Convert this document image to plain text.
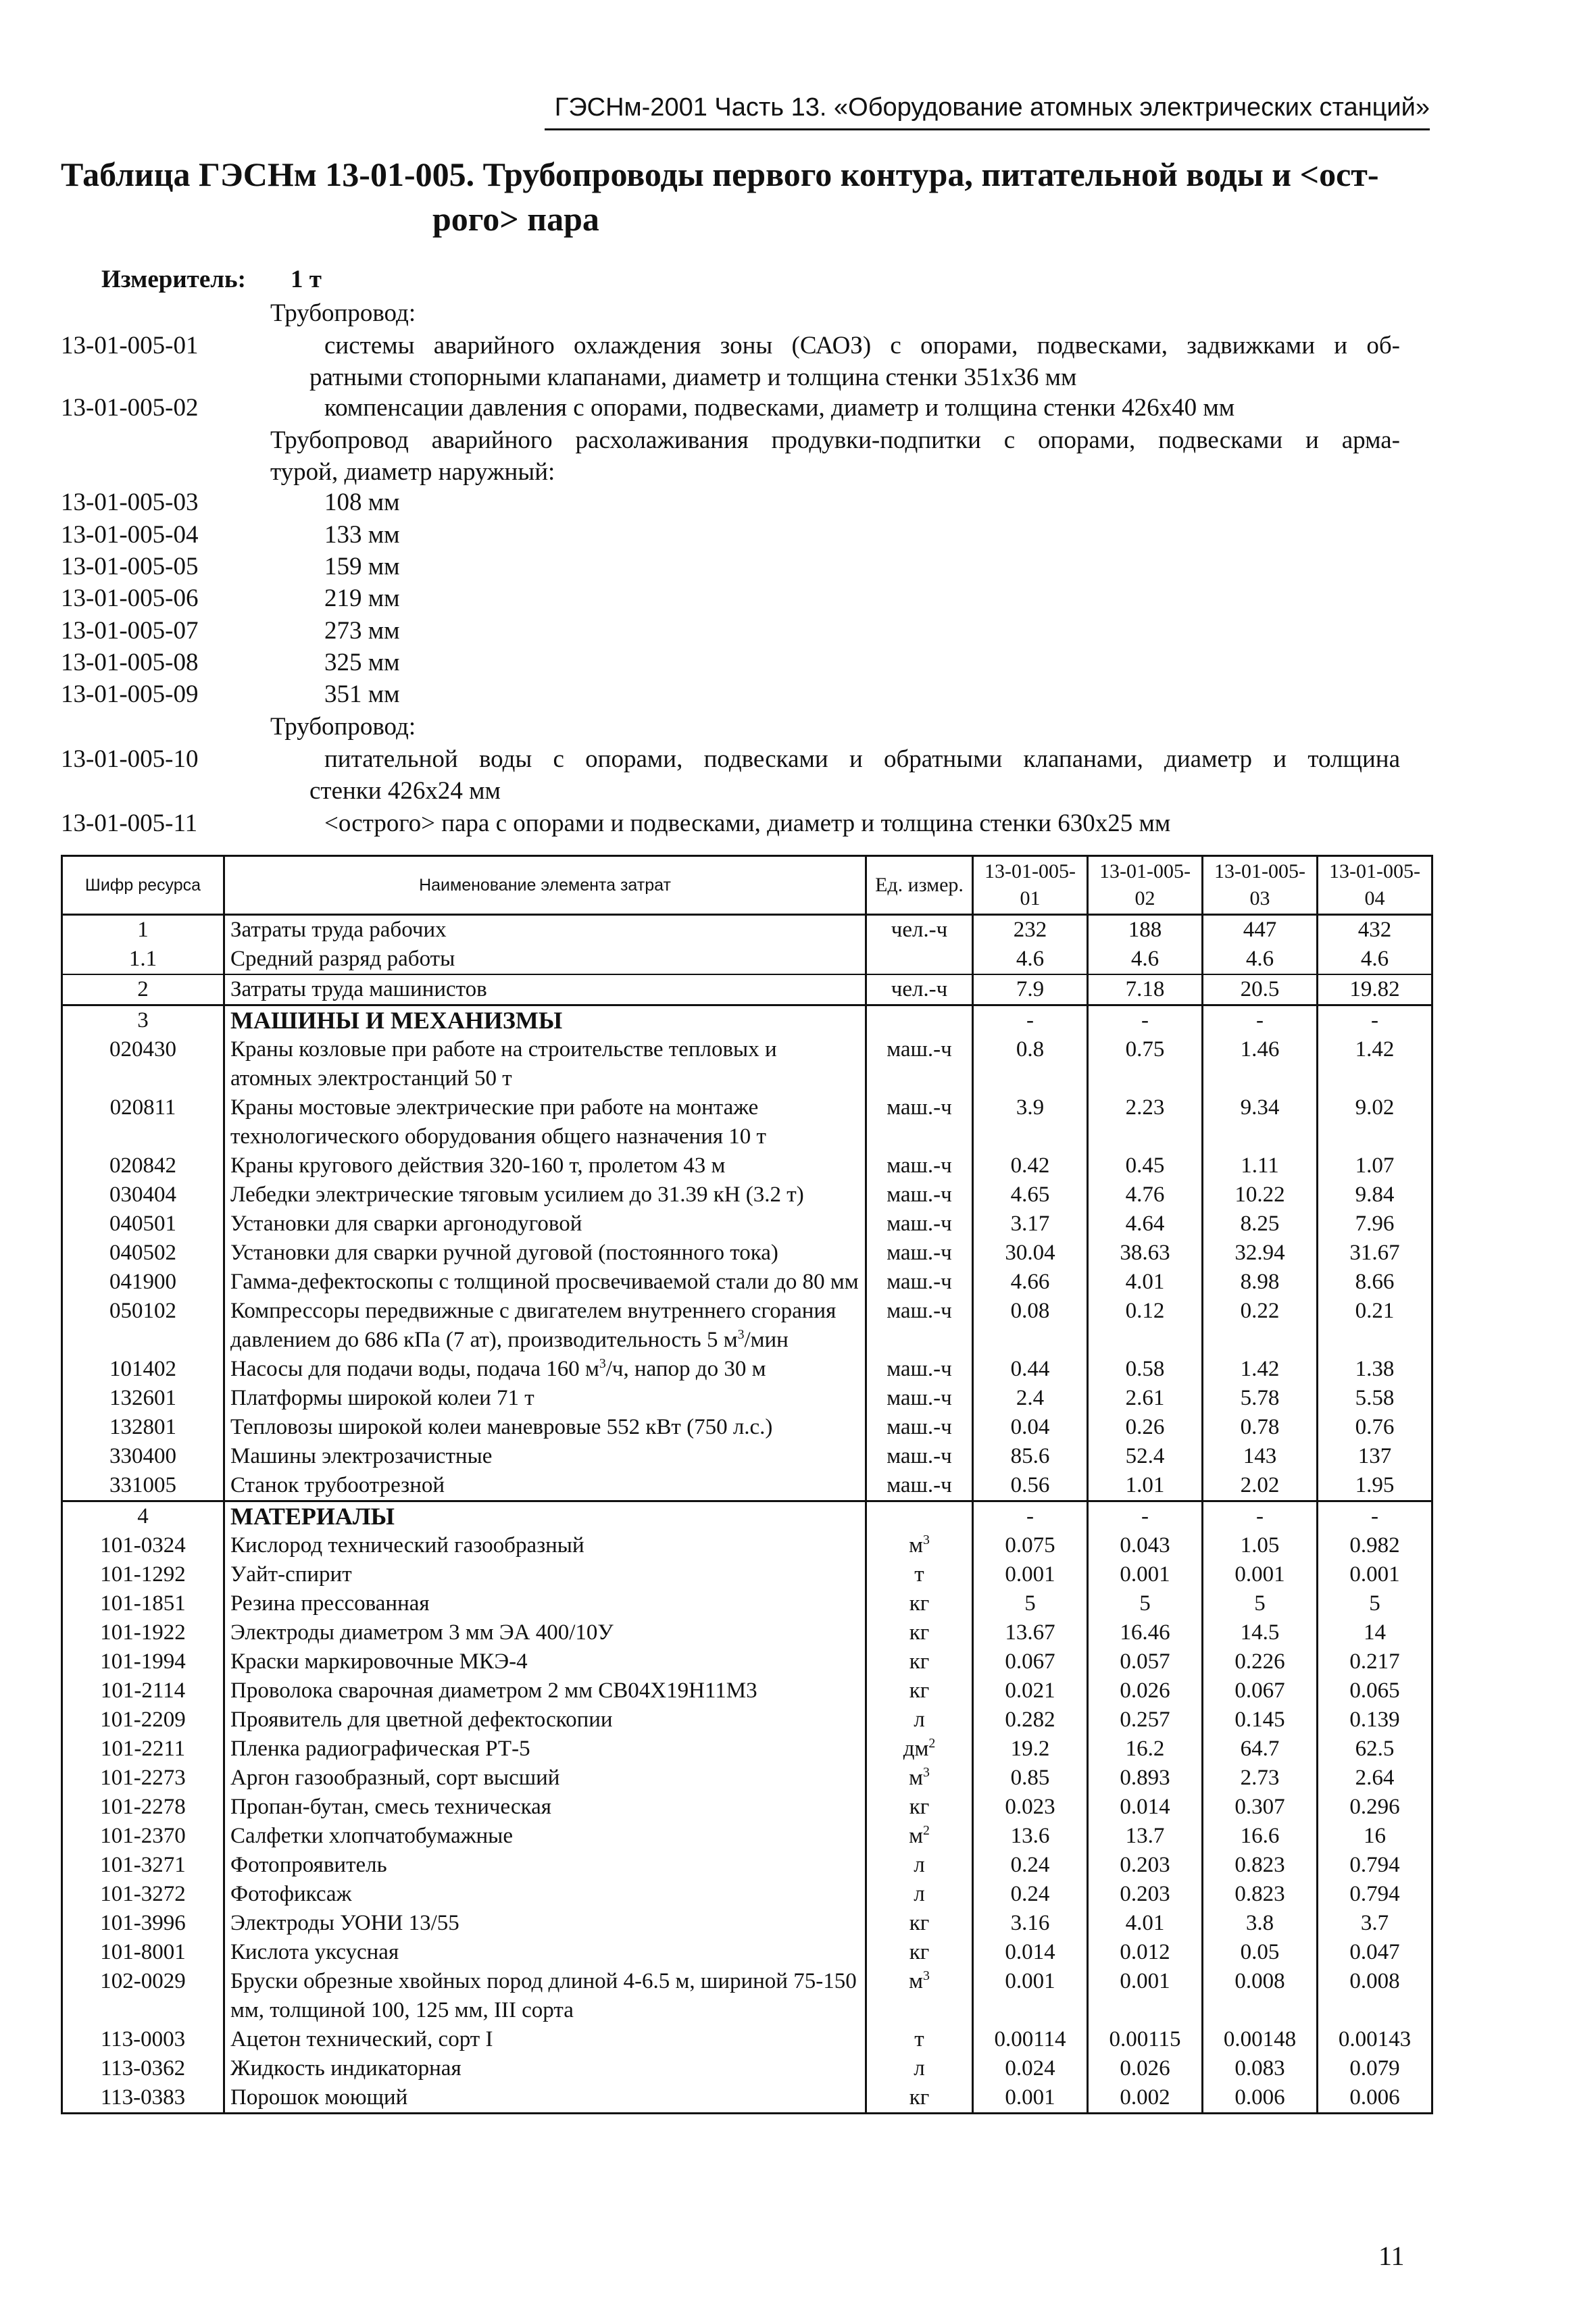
ГЭСНм-2001 Часть 13. «Оборудование атомных электрических станций»
Таблица ГЭСНм 13-01-005. Трубопроводы первого контура, питательной воды и <ост-
рого> пара
Измеритель: 1 т
Трубопровод:
13-01-005-01	системы аварийного охлаждения зоны (САОЗ) с опорами, подвесками, задвижками и об-
ратными стопорными клапанами, диаметр и толщина стенки 351х36 мм
13-01-005-02	компенсации давления с опорами, подвесками, диаметр и толщина стенки 426х40 мм
Трубопровод аварийного расхолаживания продувки-подпитки с опорами, подвесками и арма-
турой, диаметр наружный:
13-01-005-03	108 мм
13-01-005-04	133 мм
13-01-005-05	159 мм
13-01-005-06	219 мм
13-01-005-07	273 мм
13-01-005-08	325 мм
13-01-005-09	351 мм
Трубопровод:
13-01-005-10	питательной воды с опорами, подвесками и обратными клапанами, диаметр и толщина
стенки 426х24 мм
13-01-005-11	<острого> пара с опорами и подвесками, диаметр и толщина стенки 630х25 мм
Шифр ресурса	Наименование элемента затрат	Ед. измер.	13-01-005-01	13-01-005-02	13-01-005-03	13-01-005-04
1	Затраты труда рабочих	чел.-ч	232	188	447	432
1.1	Средний разряд работы		4.6	4.6	4.6	4.6
2	Затраты труда машинистов	чел.-ч	7.9	7.18	20.5	19.82
3	МАШИНЫ И МЕХАНИЗМЫ		-	-	-	-
020430	Краны козловые при работе на строительстве тепловых и атомных электростанций 50 т	маш.-ч	0.8	0.75	1.46	1.42
020811	Краны мостовые электрические при работе на монтаже технологического оборудования общего назначения 10 т	маш.-ч	3.9	2.23	9.34	9.02
020842	Краны кругового действия 320-160 т, пролетом 43 м	маш.-ч	0.42	0.45	1.11	1.07
030404	Лебедки электрические тяговым усилием до 31.39 кН (3.2 т)	маш.-ч	4.65	4.76	10.22	9.84
040501	Установки для сварки аргонодуговой	маш.-ч	3.17	4.64	8.25	7.96
040502	Установки для сварки ручной дуговой (постоянного тока)	маш.-ч	30.04	38.63	32.94	31.67
041900	Гамма-дефектоскопы с толщиной просвечиваемой стали до 80 мм	маш.-ч	4.66	4.01	8.98	8.66
050102	Компрессоры передвижные с двигателем внутреннего сгорания давлением до 686 кПа (7 ат), производительность 5 $м^3$/мин	маш.-ч	0.08	0.12	0.22	0.21
101402	Насосы для подачи воды, подача 160 $м^3/ч$, напор до 30 м	маш.-ч	0.44	0.58	1.42	1.38
132601	Платформы широкой колеи 71 т	маш.-ч	2.4	2.61	5.78	5.58
132801	Тепловозы широкой колеи маневровые 552 кВт (750 л.с.)	маш.-ч	0.04	0.26	0.78	0.76
330400	Машины электрозачистные	маш.-ч	85.6	52.4	143	137
331005	Станок трубоотрезной	маш.-ч	0.56	1.01	2.02	1.95
4	МАТЕРИАЛЫ		-	-	-	-
101-0324	Кислород технический газообразный	$м^3$	0.075	0.043	1.05	0.982
101-1292	Уайт-спирит	т	0.001	0.001	0.001	0.001
101-1851	Резина прессованная	кг	5	5	5	5
101-1922	Электроды диаметром 3 мм ЭА 400/10У	кг	13.67	16.46	14.5	14
101-1994	Краски маркировочные МКЭ-4	кг	0.067	0.057	0.226	0.217
101-2114	Проволока сварочная диаметром 2 мм СВ04Х19Н11М3	кг	0.021	0.026	0.067	0.065
101-2209	Проявитель для цветной дефектоскопии	л	0.282	0.257	0.145	0.139
101-2211	Пленка радиографическая РТ-5	$дм^2$	19.2	16.2	64.7	62.5
101-2273	Аргон газообразный, сорт высший	$м^3$	0.85	0.893	2.73	2.64
101-2278	Пропан-бутан, смесь техническая	кг	0.023	0.014	0.307	0.296
101-2370	Салфетки хлопчатобумажные	$м^2$	13.6	13.7	16.6	16
101-3271	Фотопроявитель	л	0.24	0.203	0.823	0.794
101-3272	Фотофиксаж	л	0.24	0.203	0.823	0.794
101-3996	Электроды УОНИ 13/55	кг	3.16	4.01	3.8	3.7
101-8001	Кислота уксусная	кг	0.014	0.012	0.05	0.047
102-0029	Бруски обрезные хвойных пород длиной 4-6.5 м, шириной 75-150 мм, толщиной 100, 125 мм, III сорта	$м^3$	0.001	0.001	0.008	0.008
113-0003	Ацетон технический, сорт I	т	0.00114	0.00115	0.00148	0.00143
113-0362	Жидкость индикаторная	л	0.024	0.026	0.083	0.079
113-0383	Порошок моющий	кг	0.001	0.002	0.006	0.006
11
